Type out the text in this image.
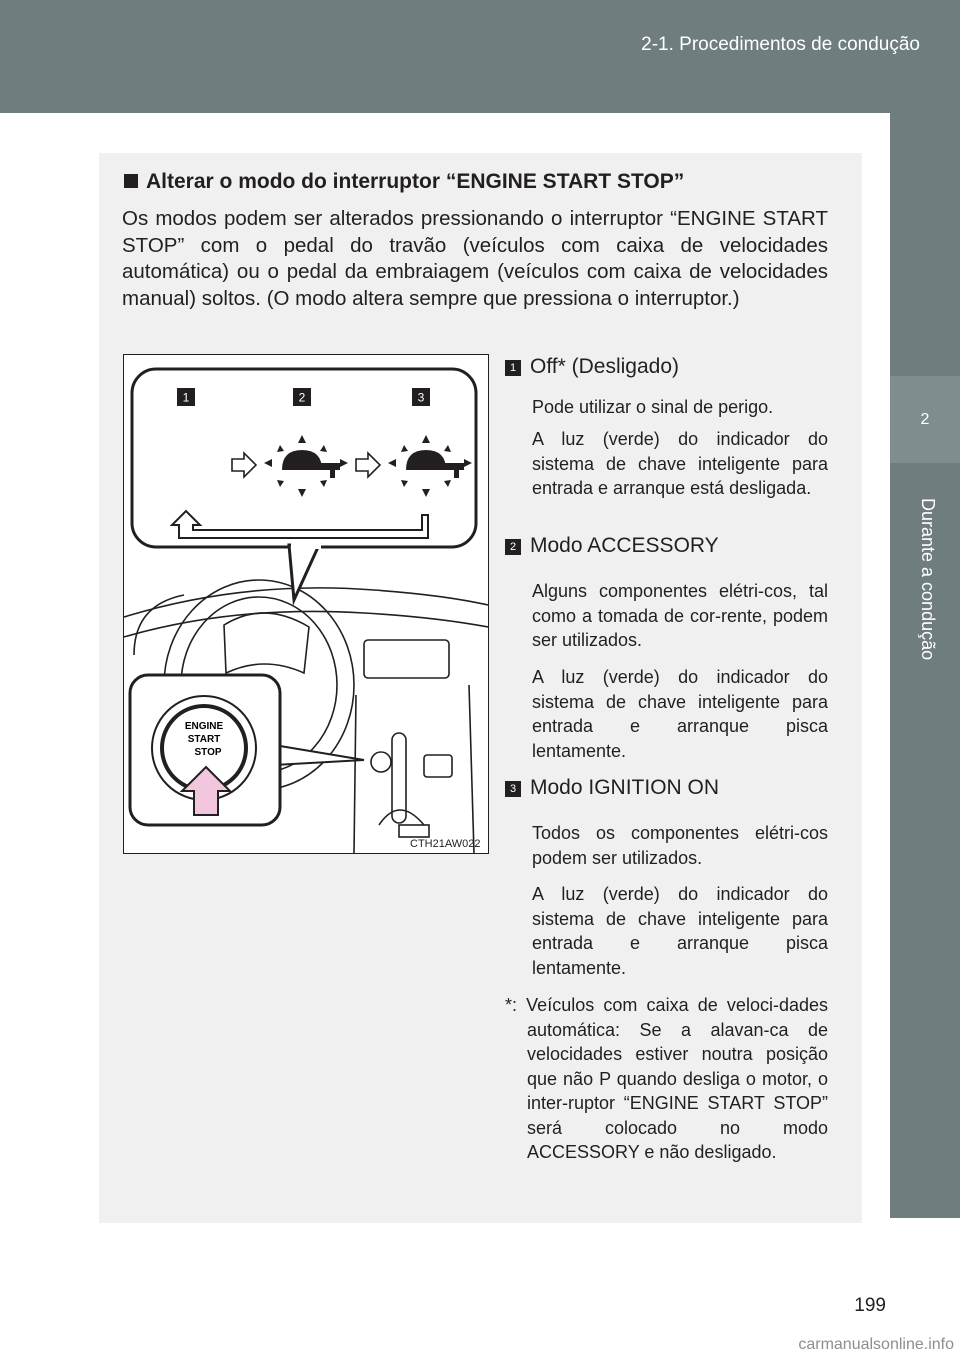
2-1. Procedimentos de condução
2
Durante a condução
Alterar o modo do interruptor “ENGINE START STOP”
Os modos podem ser alterados pressionando o interruptor “ENGINE START STOP” com o pedal do travão (veículos com caixa de velocidades automática) ou o pedal da embraiagem (veículos com caixa de velocidades manual) soltos. (O modo altera sempre que pressiona o interruptor.)
1	2	3
ENGINE
START
STOP
CTH21AW022
1 Off* (Desligado)
Pode utilizar o sinal de perigo.
A luz (verde) do indicador do sistema de chave inteligente para entrada e arranque está desligada.
2 Modo ACCESSORY
Alguns componentes elétri-cos, tal como a tomada de cor-rente, podem ser utilizados.
A luz (verde) do indicador do sistema de chave inteligente para entrada e arranque pisca lentamente.
3 Modo IGNITION ON
Todos os componentes elétri-cos podem ser utilizados.
A luz (verde) do indicador do sistema de chave inteligente para entrada e arranque pisca lentamente.
*: Veículos com caixa de veloci-dades automática: Se a alavan-ca de velocidades estiver noutra posição que não P quando desliga o motor, o inter-ruptor “ENGINE START STOP” será colocado no modo ACCESSORY e não desligado.
199
carmanualsonline.info
